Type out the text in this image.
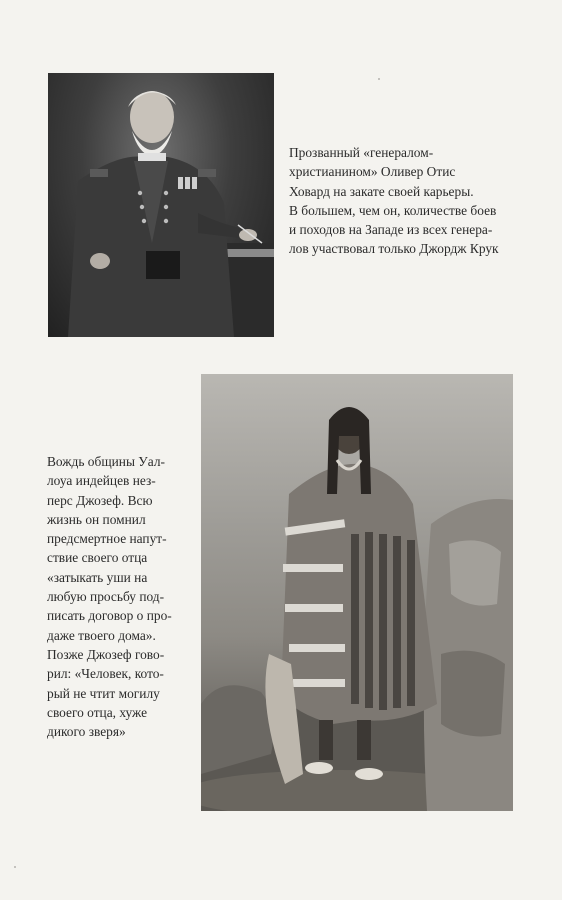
Прозванный «генералом-
христианином» Оливер Отис
Ховард на закате своей карьеры.
В большем, чем он, количестве боев
и походов на Западе из всех генера-
лов участвовал только Джордж Крук
Вождь общины Уал-
лоуа индейцев нез-
перс Джозеф. Всю
жизнь он помнил
предсмертное напут-
ствие своего отца
«затыкать уши на
любую просьбу под-
писать договор о про-
даже твоего дома».
Позже Джозеф гово-
рил: «Человек, кото-
рый не чтит могилу
своего отца, хуже
дикого зверя»
